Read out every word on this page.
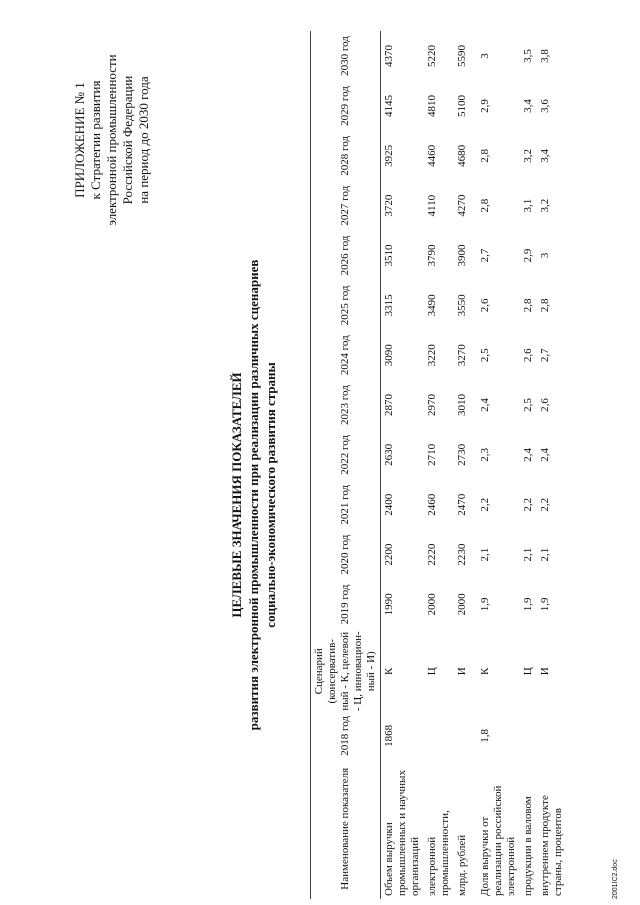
ПРИЛОЖЕНИЕ № 1 к Стратегии развития электронной промышленности Российской Федерации на период до 2030 года
ЦЕЛЕВЫЕ ЗНАЧЕНИЯ ПОКАЗАТЕЛЕЙ развития электронной промышленности при реализации различных сценариев социально-экономического развития страны
Наименование показателя	2018 год	Сценарий (консерватив-ный - К, целевой - Ц, инновацион-ный - И)	2019 год	2020 год	2021 год	2022 год	2023 год	2024 год	2025 год	2026 год	2027 год	2028 год	2029 год	2030 год
Объем выручки промышленных и научных организаций	1868	К	1990	2200	2400	2630	2870	3090	3315	3510	3720	3925	4145	4370
электронной промышленности,		Ц	2000	2220	2460	2710	2970	3220	3490	3790	4110	4460	4810	5220
млрд. рублей		И	2000	2230	2470	2730	3010	3270	3550	3900	4270	4680	5100	5590
Доля выручки от реализации российской электронной	1,8	К	1,9	2,1	2,2	2,3	2,4	2,5	2,6	2,7	2,8	2,8	2,9	3
продукции в валовом		Ц	1,9	2,1	2,2	2,4	2,5	2,6	2,8	2,9	3,1	3,2	3,4	3,5
внутреннем продукте страны, процентов		И	1,9	2,1	2,2	2,4	2,6	2,7	2,8	3	3,2	3,4	3,6	3,8
2001IC2.doc
